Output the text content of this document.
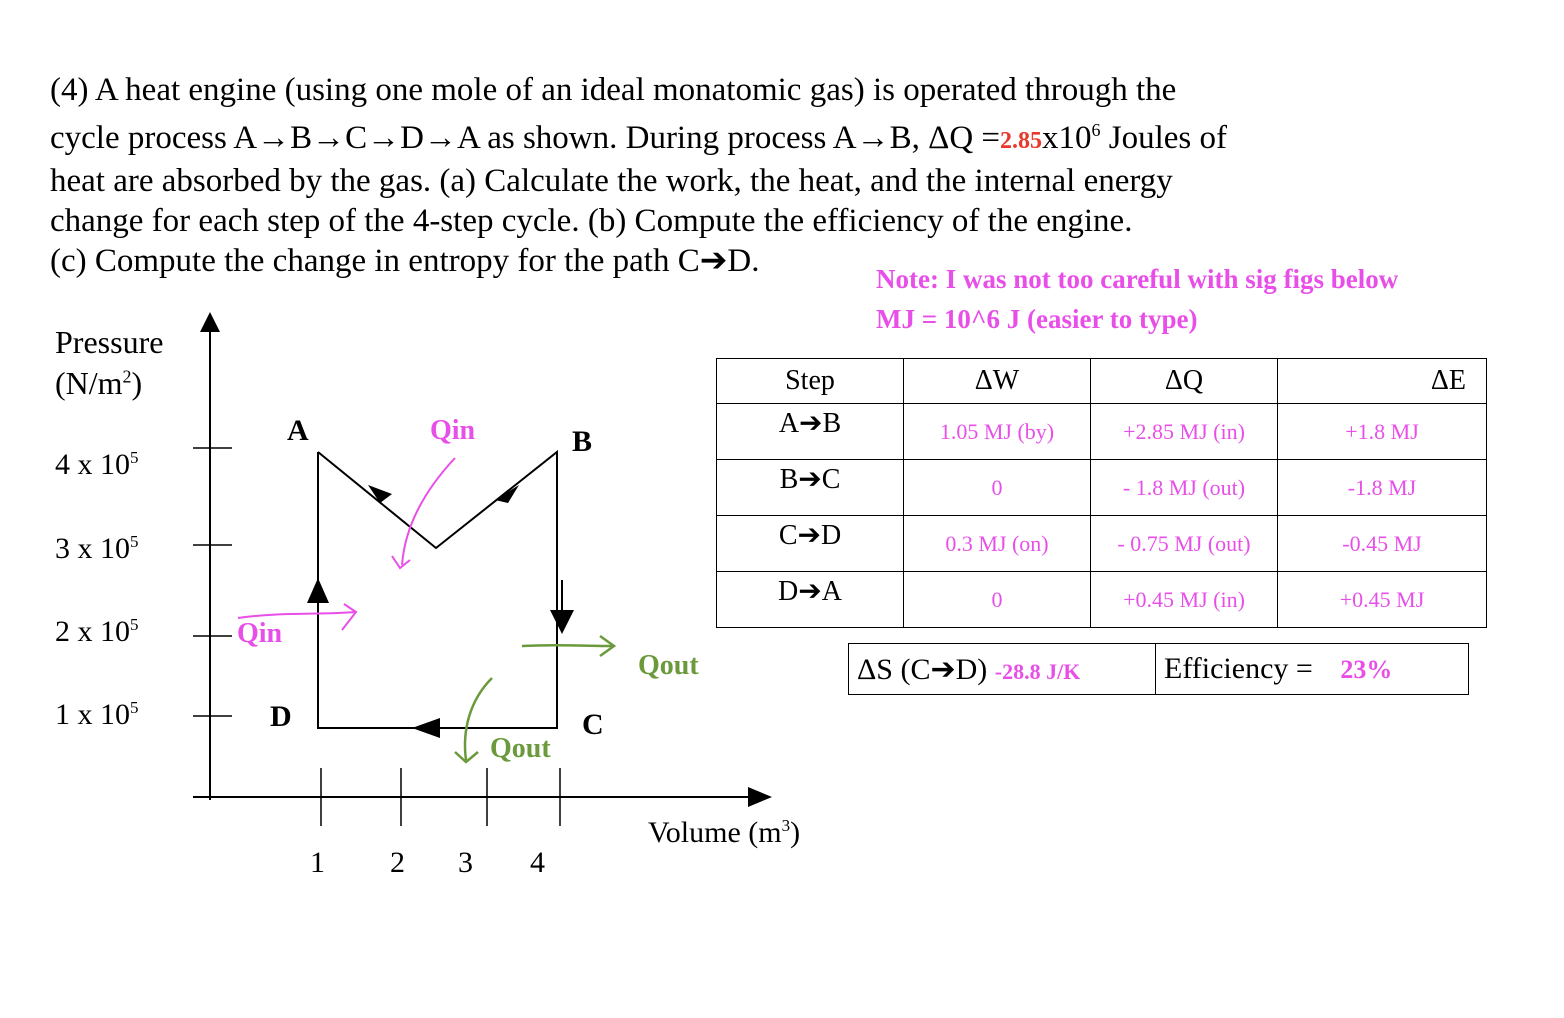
(4) A heat engine (using one mole of an ideal monatomic gas) is operated through the

cycle process A→B→C→D→A as shown. During process A→B, $\Delta Q =2.85x10^6$ Joules of

heat are absorbed by the gas. (a) Calculate the work, the heat, and the internal energy

change for each step of the 4-step cycle. (b) Compute the efficiency of the engine.

(c) Compute the change in entropy for the path C➔D.	Note: I was not too careful with sig figs below
MJ = 10^6 J (easier to type)
Pressure
$(N/m^2)$
4 x $10^5$
3 x $10^5$
2 x $10^5$
1 x $10^5$
1 2 3 4
Volume $(m^3)$
A	B
C
D
Qin
Qin
Qout
Qout
Step	ΔW	ΔQ	ΔE
A➔B	1.05 MJ (by)	+2.85 MJ (in)	+1.8 MJ
B➔C	0	- 1.8 MJ (out)	-1.8 MJ
C➔D	0.3 MJ (on)	- 0.75 MJ (out)	-0.45 MJ
D➔A	0	+0.45 MJ (in)	+0.45 MJ
ΔS (C➔D) -28.8 J/K	Efficiency = 23%
